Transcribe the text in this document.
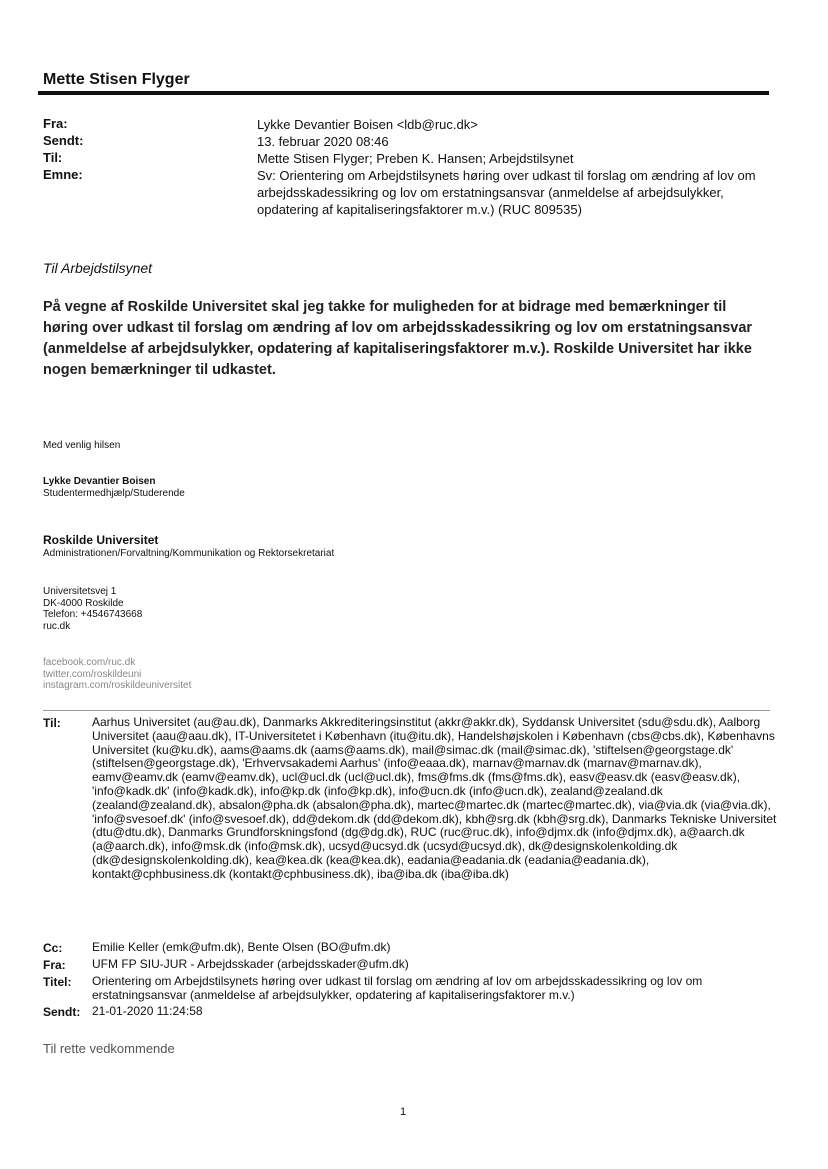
Mette Stisen Flyger
Fra:	Lykke Devantier Boisen <ldb@ruc.dk>
Sendt:	13. februar 2020 08:46
Til:	Mette Stisen Flyger; Preben K. Hansen; Arbejdstilsynet
Emne:	Sv: Orientering om Arbejdstilsynets høring over udkast til forslag om ændring af lov om arbejdsskadessikring og lov om erstatningsansvar (anmeldelse af arbejdsulykker, opdatering af kapitaliseringsfaktorer m.v.) (RUC 809535)
Til Arbejdstilsynet
På vegne af Roskilde Universitet skal jeg takke for muligheden for at bidrage med bemærkninger til høring over udkast til forslag om ændring af lov om arbejdsskadessikring og lov om erstatningsansvar (anmeldelse af arbejdsulykker, opdatering af kapitaliseringsfaktorer m.v.). Roskilde Universitet har ikke nogen bemærkninger til udkastet.
Med venlig hilsen
Lykke Devantier Boisen
Studentermedhjælp/Studerende
Roskilde Universitet
Administrationen/Forvaltning/Kommunikation og Rektorsekretariat
Universitetsvej 1
DK-4000 Roskilde
Telefon: +4546743668
ruc.dk
facebook.com/ruc.dk
twitter.com/roskildeuni
instagram.com/roskildeuniversitet
Til:	Aarhus Universitet (au@au.dk), Danmarks Akkrediteringsinstitut (akkr@akkr.dk), Syddansk Universitet (sdu@sdu.dk), Aalborg Universitet (aau@aau.dk), IT-Universitetet i København (itu@itu.dk), Handelshøjskolen i København (cbs@cbs.dk), Københavns Universitet (ku@ku.dk), aams@aams.dk (aams@aams.dk), mail@simac.dk (mail@simac.dk), 'stiftelsen@georgstage.dk' (stiftelsen@georgstage.dk), 'Erhvervsakademi Aarhus' (info@eaaa.dk), marnav@marnav.dk (marnav@marnav.dk), eamv@eamv.dk (eamv@eamv.dk), ucl@ucl.dk (ucl@ucl.dk), fms@fms.dk (fms@fms.dk), easv@easv.dk (easv@easv.dk), 'info@kadk.dk' (info@kadk.dk), info@kp.dk (info@kp.dk), info@ucn.dk (info@ucn.dk), zealand@zealand.dk (zealand@zealand.dk), absalon@pha.dk (absalon@pha.dk), martec@martec.dk (martec@martec.dk), via@via.dk (via@via.dk), 'info@svesoef.dk' (info@svesoef.dk), dd@dekom.dk (dd@dekom.dk), kbh@srg.dk (kbh@srg.dk), Danmarks Tekniske Universitet (dtu@dtu.dk), Danmarks Grundforskningsfond (dg@dg.dk), RUC (ruc@ruc.dk), info@djmx.dk (info@djmx.dk), a@aarch.dk (a@aarch.dk), info@msk.dk (info@msk.dk), ucsyd@ucsyd.dk (ucsyd@ucsyd.dk), dk@designskolenkolding.dk (dk@designskolenkolding.dk), kea@kea.dk (kea@kea.dk), eadania@eadania.dk (eadania@eadania.dk), kontakt@cphbusiness.dk (kontakt@cphbusiness.dk), iba@iba.dk (iba@iba.dk)
Cc:	Emilie Keller (emk@ufm.dk), Bente Olsen (BO@ufm.dk)
Fra:	UFM FP SIU-JUR - Arbejdsskader (arbejdsskader@ufm.dk)
Titel:	Orientering om Arbejdstilsynets høring over udkast til forslag om ændring af lov om arbejdsskadessikring og lov om erstatningsansvar (anmeldelse af arbejdsulykker, opdatering af kapitaliseringsfaktorer m.v.)
Sendt: 21-01-2020 11:24:58
Til rette vedkommende
1
